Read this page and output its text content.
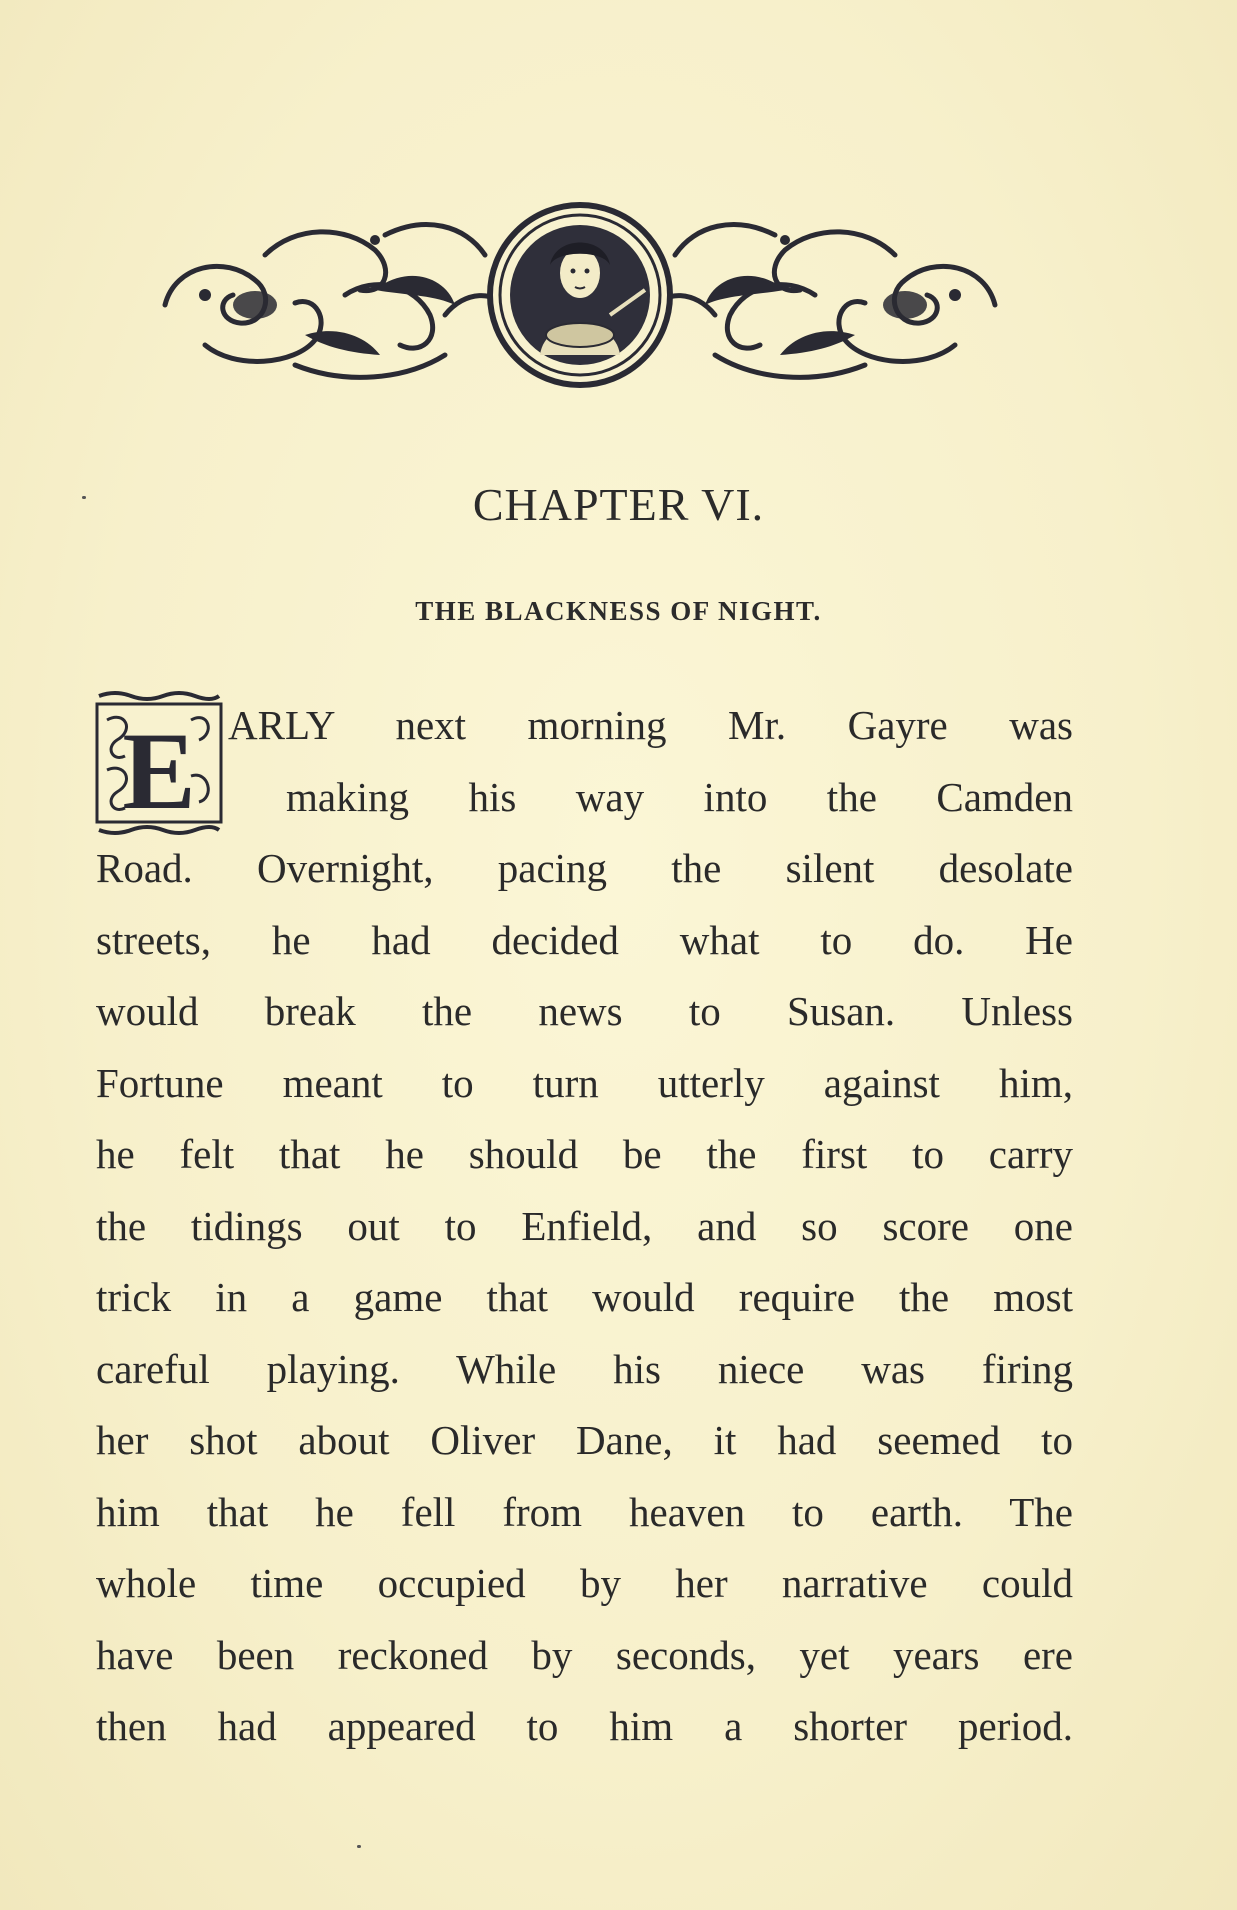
CHAPTER VI.
THE BLACKNESS OF NIGHT.
E ARLY next morning Mr. Gayre was
making his way into the Camden
Road. Overnight, pacing the silent desolate
streets, he had decided what to do. He
would break the news to Susan. Unless
Fortune meant to turn utterly against him,
he felt that he should be the first to carry
the tidings out to Enfield, and so score one
trick in a game that would require the most
careful playing. While his niece was firing
her shot about Oliver Dane, it had seemed to
him that he fell from heaven to earth. The
whole time occupied by her narrative could
have been reckoned by seconds, yet years ere
then had appeared to him a shorter period.
